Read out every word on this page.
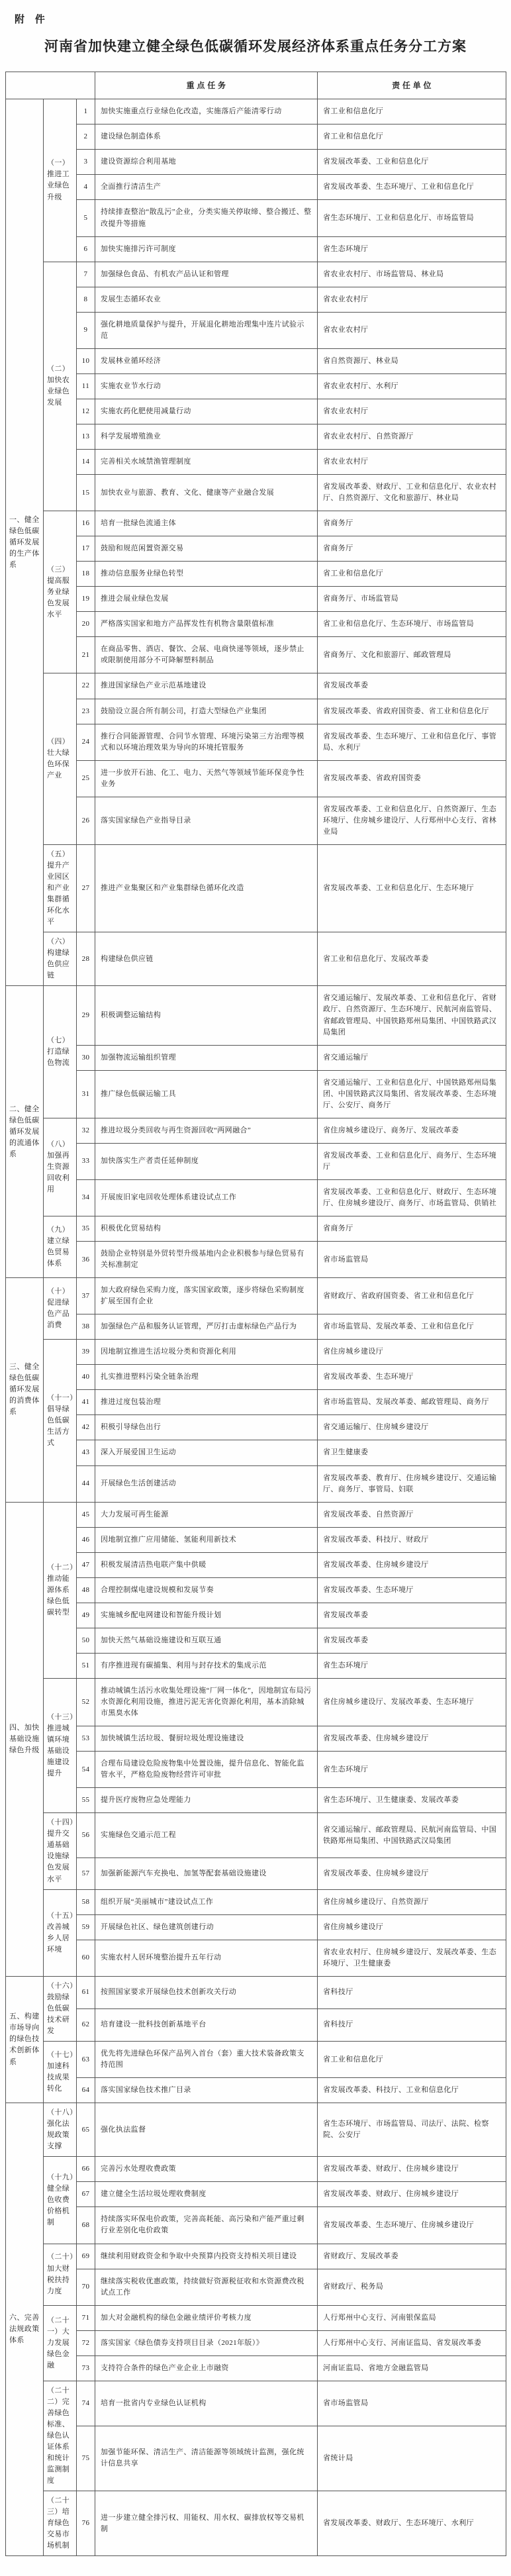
附 件
河南省加快建立健全绿色低碳循环发展经济体系重点任务分工方案
			重 点 任 务	责 任 单 位
一、健全绿色低碳循环发展的生产体系	（一）推进工业绿色升级	1	加快实施重点行业绿色化改造，实施落后产能清零行动	省工业和信息化厅
		2	建设绿色制造体系	省工业和信息化厅
		3	建设资源综合利用基地	省发展改革委、工业和信息化厅
		4	全面推行清洁生产	省发展改革委、生态环境厅、工业和信息化厅
		5	持续排查整治“散乱污”企业，分类实施关停取缔、整合搬迁、整改提升等措施	省生态环境厅、工业和信息化厅、市场监管局
		6	加快实施排污许可制度	省生态环境厅
	（二）加快农业绿色发展	7	加强绿色食品、有机农产品认证和管理	省农业农村厅、市场监管局、林业局
		8	发展生态循环农业	省农业农村厅
		9	强化耕地质量保护与提升，开展退化耕地治理集中连片试验示范	省农业农村厅
		10	发展林业循环经济	省自然资源厅、林业局
		11	实施农业节水行动	省农业农村厅、水利厅
		12	实施农药化肥使用减量行动	省农业农村厅
		13	科学发展增殖渔业	省农业农村厅、自然资源厅
		14	完善相关水域禁渔管理制度	省农业农村厅
		15	加快农业与旅游、教育、文化、健康等产业融合发展	省发展改革委、财政厅、工业和信息化厅、农业农村厅、自然资源厅、文化和旅游厅、林业局
	（三）提高服务业绿色发展水平	16	培育一批绿色流通主体	省商务厅
		17	鼓励和规范闲置资源交易	省商务厅
		18	推动信息服务业绿色转型	省工业和信息化厅
		19	推进会展业绿色发展	省商务厅、市场监管局
		20	严格落实国家和地方产品挥发性有机物含量限值标准	省工业和信息化厅、生态环境厅、市场监管局
		21	在商品零售、酒店、餐饮、会展、电商快递等领域，逐步禁止或限制使用部分不可降解塑料制品	省商务厅、文化和旅游厅、邮政管理局
	（四）壮大绿色环保产业	22	推进国家绿色产业示范基地建设	省发展改革委
		23	鼓励设立混合所有制公司，打造大型绿色产业集团	省发展改革委、省政府国资委、省工业和信息化厅
		24	推行合同能源管理、合同节水管理、环境污染第三方治理等模式和以环境治理效果为导向的环境托管服务	省发展改革委、生态环境厅、工业和信息化厅、事管局、水利厅
		25	进一步放开石油、化工、电力、天然气等领域节能环保竞争性业务	省发展改革委、省政府国资委
		26	落实国家绿色产业指导目录	省发展改革委、工业和信息化厅、自然资源厅、生态环境厅、住房城乡建设厅、人行郑州中心支行、省林业局
	（五）提升产业园区和产业集群循环化水平	27	推进产业集聚区和产业集群绿色循环化改造	省发展改革委、工业和信息化厅、生态环境厅
	（六）构建绿色供应链	28	构建绿色供应链	省工业和信息化厅、发展改革委
二、健全绿色低碳循环发展的流通体系	（七）打造绿色物流	29	积极调整运输结构	省交通运输厅、发展改革委、工业和信息化厅、省财政厅、自然资源厅、生态环境厅、民航河南监管局、省邮政管理局、中国铁路郑州局集团、中国铁路武汉局集团
		30	加强物流运输组织管理	省交通运输厅
		31	推广绿色低碳运输工具	省交通运输厅、工业和信息化厅、中国铁路郑州局集团、中国铁路武汉局集团、省发展改革委、生态环境厅、公安厅、商务厅
	（八）加强再生资源回收利用	32	推进垃圾分类回收与再生资源回收“两网融合”	省住房城乡建设厅、商务厅、发展改革委
		33	加快落实生产者责任延伸制度	省发展改革委、工业和信息化厅、商务厅、生态环境厅
		34	开展废旧家电回收处理体系建设试点工作	省发展改革委、工业和信息化厅、财政厅、生态环境厅、住房城乡建设厅、商务厅、市场监管局、供销社
	（九）建立绿色贸易体系	35	积极优化贸易结构	省商务厅
		36	鼓励企业特别是外贸转型升级基地内企业积极参与绿色贸易有关标准制定	省市场监管局
三、健全绿色低碳循环发展的消费体系	（十）促进绿色产品消费	37	加大政府绿色采购力度，落实国家政策，逐步将绿色采购制度扩展至国有企业	省财政厅、省政府国资委、省工业和信息化厅
		38	加强绿色产品和服务认证管理，严厉打击虚标绿色产品行为	省市场监管局、发展改革委、工业和信息化厅
	（十一）倡导绿色低碳生活方式	39	因地制宜推进生活垃圾分类和资源化利用	省住房城乡建设厅
		40	扎实推进塑料污染全链条治理	省发展改革委、生态环境厅
		41	推进过度包装治理	省市场监管局、发展改革委、邮政管理局、商务厅
		42	积极引导绿色出行	省交通运输厅、住房城乡建设厅
		43	深入开展爱国卫生运动	省卫生健康委
		44	开展绿色生活创建活动	省发展改革委、教育厅、住房城乡建设厅、交通运输厅、商务厅、事管局、妇联
四、加快基础设施绿色升级	（十二）推动能源体系绿色低碳转型	45	大力发展可再生能源	省发展改革委、自然资源厅
		46	因地制宜推广应用储能、氢能利用新技术	省发展改革委、科技厅、财政厅
		47	积极发展清洁热电联产集中供暖	省发展改革委、住房城乡建设厅
		48	合理控制煤电建设规模和发展节奏	省发展改革委、生态环境厅
		49	实施城乡配电网建设和智能升级计划	省发展改革委
		50	加快天然气基础设施建设和互联互通	省发展改革委
		51	有序推进现有碳捕集、利用与封存技术的集成示范	省生态环境厅
	（十三）推进城镇环境基础设施建设提升	52	推动城镇生活污水收集处理设施“厂网一体化”，因地制宜布局污水资源化利用设施，推进污泥无害化资源化利用，基本消除城市黑臭水体	省住房城乡建设厅、发展改革委、生态环境厅
		53	加快城镇生活垃圾、餐厨垃圾处理设施建设	省发展改革委、住房城乡建设厅
		54	合理布局建设危险废物集中处置设施，提升信息化、智能化监管水平，严格危险废物经营许可审批	省生态环境厅
		55	提升医疗废物应急处理能力	省生态环境厅、卫生健康委、发展改革委
	（十四）提升交通基础设施绿色发展水平	56	实施绿色交通示范工程	省交通运输厅、邮政管理局、民航河南监管局、中国铁路郑州局集团、中国铁路武汉局集团
		57	加强新能源汽车充换电、加氢等配套基础设施建设	省发展改革委、住房城乡建设厅
	（十五）改善城乡人居环境	58	组织开展“美丽城市”建设试点工作	省住房城乡建设厅、自然资源厅
		59	开展绿色社区、绿色建筑创建行动	省住房城乡建设厅
		60	实施农村人居环境整治提升五年行动	省农业农村厅、住房城乡建设厅、发展改革委、生态环境厅、卫生健康委
五、构建市场导向的绿色技术创新体系	（十六）鼓励绿色低碳技术研发	61	按照国家要求开展绿色技术创新攻关行动	省科技厅
		62	培育建设一批科技创新基地平台	省科技厅
	（十七）加速科技成果转化	63	优先将先进绿色环保产品列入首台（套）重大技术装备政策支持范围	省工业和信息化厅
		64	落实国家绿色技术推广目录	省发展改革委、科技厅、工业和信息化厅
六、完善法规政策体系	（十八）强化法规政策支撑	65	强化执法监督	省生态环境厅、市场监管局、司法厅、法院、检察院、公安厅
	（十九）健全绿色收费价格机制	66	完善污水处理收费政策	省发展改革委、财政厅、住房城乡建设厅
		67	建立健全生活垃圾处理收费制度	省发展改革委、财政厅、住房城乡建设厅
		68	持续落实环保电价政策，完善高耗能、高污染和产能严重过剩行业差别化电价政策	省发展改革委、生态环境厅、住房城乡建设厅
	（二十）加大财税扶持力度	69	继续利用财政资金和争取中央预算内投资支持相关项目建设	省财政厅、发展改革委
		70	继续落实税收优惠政策，持续做好资源税征收和水资源费改税试点工作	省财政厅、税务局
	（二十一）大力发展绿色金融	71	加大对金融机构的绿色金融业绩评价考核力度	人行郑州中心支行、河南银保监局
		72	落实国家《绿色债券支持项目目录（2021年版）》	人行郑州中心支行、河南证监局、省发展改革委
		73	支持符合条件的绿色产业企业上市融资	河南证监局、省地方金融监管局
	（二十二）完善绿色标准、绿色认证体系和统计监测制度	74	培育一批省内专业绿色认证机构	省市场监管局
		75	加强节能环保、清洁生产、清洁能源等领域统计监测，强化统计信息共享	省统计局
	（二十三）培育绿色交易市场机制	76	进一步建立健全排污权、用能权、用水权、碳排放权等交易机制	省发展改革委、财政厅、生态环境厅、水利厅
